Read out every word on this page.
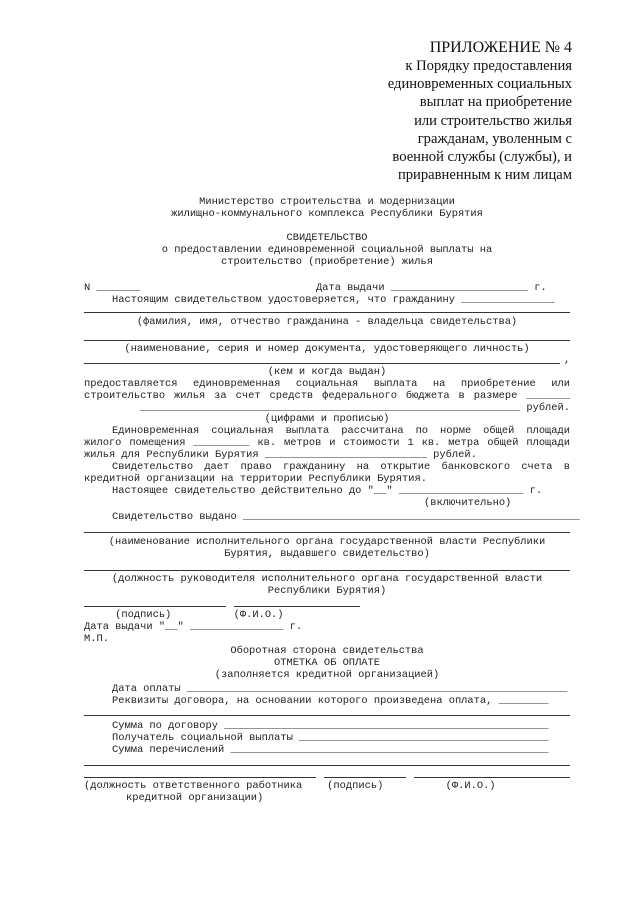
ПРИЛОЖЕНИЕ № 4
к Порядку предоставления
единовременных социальных
выплат на приобретение
или строительство жилья
гражданам, уволенным с
военной службы (службы), и
приравненным к ним лицам
Министерство строительства и модернизации
жилищно-коммунального комплекса Республики Бурятия
СВИДЕТЕЛЬСТВО
о предоставлении единовременной социальной выплаты на
строительство (приобретение) жилья
N _______	Дата выдачи ______________________ г.
Настоящим свидетельством удостоверяется, что гражданину _______________
(фамилия, имя, отчество гражданина - владельца свидетельства)
(наименование, серия и номер документа, удостоверяющего личность)
,
(кем и когда выдан)
предоставляется единовременная социальная выплата на приобретение или
строительство жилья за счет средств федерального бюджета в размере _______
_____________________________________________________________ рублей.
(цифрами и прописью)
Единовременная социальная выплата рассчитана по норме общей площади
жилого помещения _________ кв. метров и стоимости 1 кв. метра общей площади
жилья для Республики Бурятия __________________________ рублей.
Свидетельство дает право гражданину на открытие банковского счета в
кредитной организации на территории Республики Бурятия.
Настоящее свидетельство действительно до "__" ____________________ г.
(включительно)
Свидетельство выдано ______________________________________________________
(наименование исполнительного органа государственной власти Республики
Бурятия, выдавшего свидетельство)
(должность руководителя исполнительного органа государственной власти
Республики Бурятия)
(подпись)          (Ф.И.О.)
Дата выдачи "__" _______________ г.
М.П.
Оборотная сторона свидетельства
ОТМЕТКА ОБ ОПЛАТЕ
(заполняется кредитной организацией)
Дата оплаты _____________________________________________________________
Реквизиты договора, на основании которого произведена оплата, ________
Сумма по договору ____________________________________________________
Получатель социальной выплаты ________________________________________
Сумма перечислений ___________________________________________________
(должность ответственного работника    (подпись)          (Ф.И.О.)
кредитной организации)
